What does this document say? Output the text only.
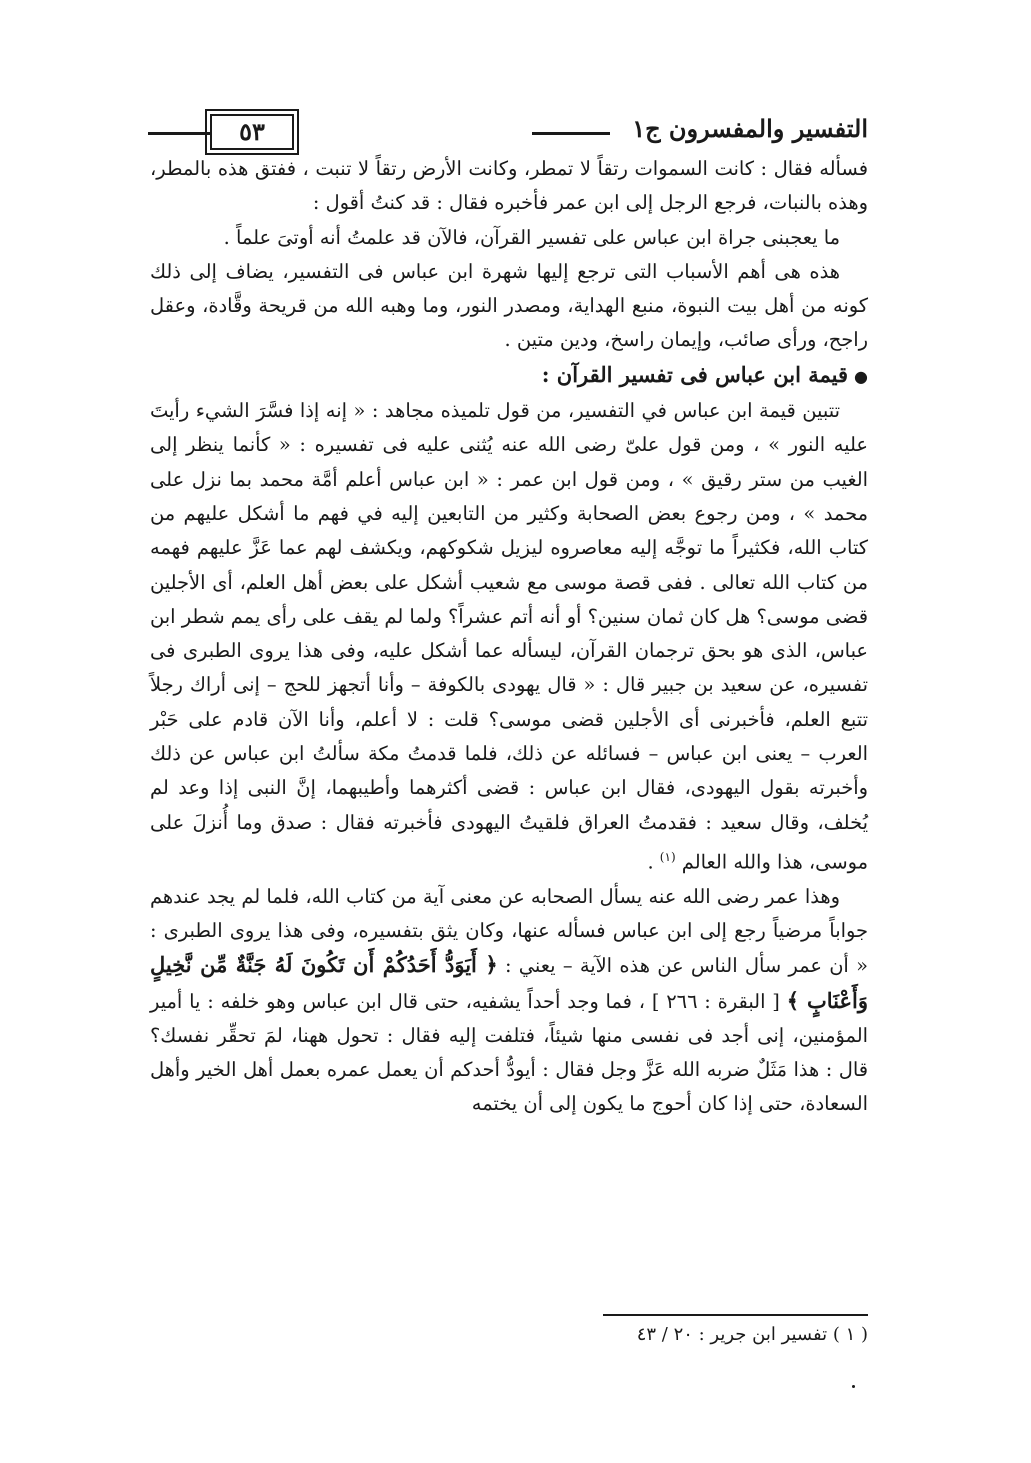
التفسير والمفسرون ج١
٥٣

فسأله فقال : كانت السموات رتقاً لا تمطر، وكانت الأرض رتقاً لا تنبت ، ففتق هذه بالمطر، وهذه بالنبات، فرجع الرجل إلى ابن عمر فأخبره فقال : قد كنتُ أقول :

ما يعجبنى جراة ابن عباس على تفسير القرآن، فالآن قد علمتُ أنه أوتىَ علماً .

هذه هى أهم الأسباب التى ترجع إليها شهرة ابن عباس فى التفسير، يضاف إلى ذلك كونه من أهل بيت النبوة، منبع الهداية، ومصدر النور، وما وهبه الله من قريحة وقَّادة، وعقل راجح، ورأى صائب، وإيمان راسخ، ودين متين .

●قيمة ابن عباس فى تفسير القرآن :

تتبين قيمة ابن عباس في التفسير، من قول تلميذه مجاهد : « إنه إذا فسَّرَ الشيء رأيتَ عليه النور » ، ومن قول علىّ رضى الله عنه يُثنى عليه فى تفسيره : « كأنما ينظر إلى الغيب من ستر رقيق » ، ومن قول ابن عمر : « ابن عباس أعلم أمَّة محمد بما نزل على محمد » ، ومن رجوع بعض الصحابة وكثير من التابعين إليه في فهم ما أشكل عليهم من كتاب الله، فكثيراً ما توجَّه إليه معاصروه ليزيل شكوكهم، ويكشف لهم عما عَزَّ عليهم فهمه من كتاب الله تعالى . ففى قصة موسى مع شعيب أشكل على بعض أهل العلم، أى الأجلين قضى موسى؟ هل كان ثمان سنين؟ أو أنه أتم عشراً؟ ولما لم يقف على رأى يمم شطر ابن عباس، الذى هو بحق ترجمان القرآن، ليسأله عما أشكل عليه، وفى هذا يروى الطبرى فى تفسيره، عن سعيد بن جبير قال : « قال يهودى بالكوفة – وأنا أتجهز للحج – إنى أراك رجلاً تتبع العلم، فأخبرنى أى الأجلين قضى موسى؟ قلت : لا أعلم، وأنا الآن قادم على حَبْر العرب – يعنى ابن عباس – فسائله عن ذلك، فلما قدمتُ مكة سألتُ ابن عباس عن ذلك وأخبرته بقول اليهودى، فقال ابن عباس : قضى أكثرهما وأطيبهما، إنَّ النبى إذا وعد لم يُخلف، وقال سعيد : فقدمتُ العراق فلقيتُ اليهودى فأخبرته فقال : صدق وما أُنزلَ على موسى، هذا والله العالم $^{(١)}$ .

وهذا عمر رضى الله عنه يسأل الصحابه عن معنى آية من كتاب الله، فلما لم يجد عندهم جواباً مرضياً رجع إلى ابن عباس فسأله عنها، وكان يثق بتفسيره، وفى هذا يروى الطبرى : « أن عمر سأل الناس عن هذه الآية – يعني : ﴿ أَيَوَدُّ أَحَدُكُمْ أَن تَكُونَ لَهُ جَنَّةٌ مِّن نَّخِيلٍ وَأَعْنَابٍ ﴾ [ البقرة : ٢٦٦ ] ، فما وجد أحداً يشفيه، حتى قال ابن عباس وهو خلفه : يا أمير المؤمنين، إنى أجد فى نفسى منها شيئاً، فتلفت إليه فقال : تحول ههنا، لمَ تحقِّر نفسك؟ قال : هذا مَثَلٌ ضربه الله عَزَّ وجل فقال : أيودُّ أحدكم أن يعمل عمره بعمل أهل الخير وأهل السعادة، حتى إذا كان أحوج ما يكون إلى أن يختمه

( ١ ) تفسير ابن جرير : ٢٠ / ٤٣
